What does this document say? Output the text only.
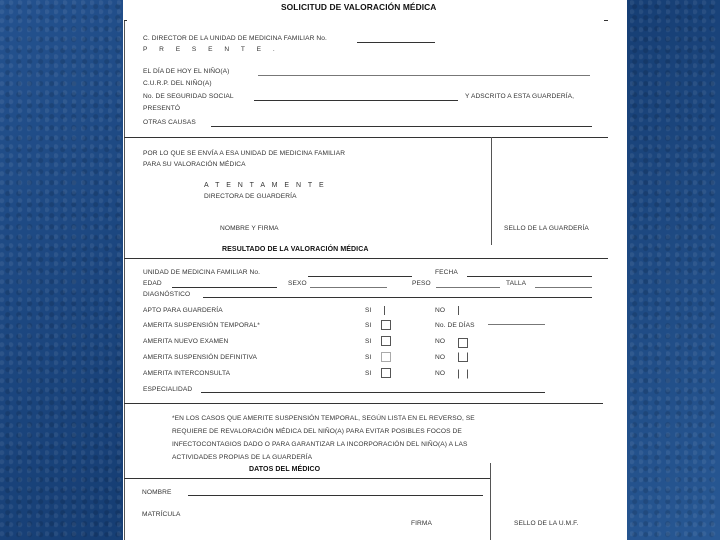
SOLICITUD DE VALORACIÓN MÉDICA
C. DIRECTOR DE LA UNIDAD DE MEDICINA FAMILIAR No.
P R E S E N T E .
EL DÍA DE HOY EL NIÑO(A)
C.U.R.P. DEL NIÑO(A)
No. DE SEGURIDAD SOCIAL	Y ADSCRITO A ESTA GUARDERÍA,
PRESENTÓ
OTRAS CAUSAS
POR LO QUE SE ENVÍA A ESA UNIDAD DE MEDICINA FAMILIAR
PARA SU VALORACIÓN MÉDICA
A T E N T A M E N T E
DIRECTORA DE GUARDERÍA
NOMBRE Y FIRMA	SELLO DE LA GUARDERÍA
RESULTADO DE LA VALORACIÓN MÉDICA
UNIDAD DE MEDICINA FAMILIAR No.	FECHA
EDAD	SEXO	PESO	TALLA
DIAGNÓSTICO
APTO PARA GUARDERÍA	SI	NO
AMERITA SUSPENSIÓN TEMPORAL*	SI	No. DE DÍAS
AMERITA NUEVO EXAMEN	SI	NO
AMERITA SUSPENSIÓN DEFINITIVA	SI	NO
AMERITA INTERCONSULTA	SI	NO
ESPECIALIDAD
*EN LOS CASOS QUE AMERITE SUSPENSIÓN TEMPORAL, SEGÚN LISTA EN EL REVERSO, SE
REQUIERE DE REVALORACIÓN MÉDICA DEL NIÑO(A) PARA EVITAR POSIBLES FOCOS DE
INFECTOCONTAGIOS DADO O PARA GARANTIZAR LA INCORPORACIÓN DEL NIÑO(A) A LAS
ACTIVIDADES PROPIAS DE LA GUARDERÍA
DATOS DEL MÉDICO
NOMBRE
MATRÍCULA
FIRMA	SELLO DE LA U.M.F.
